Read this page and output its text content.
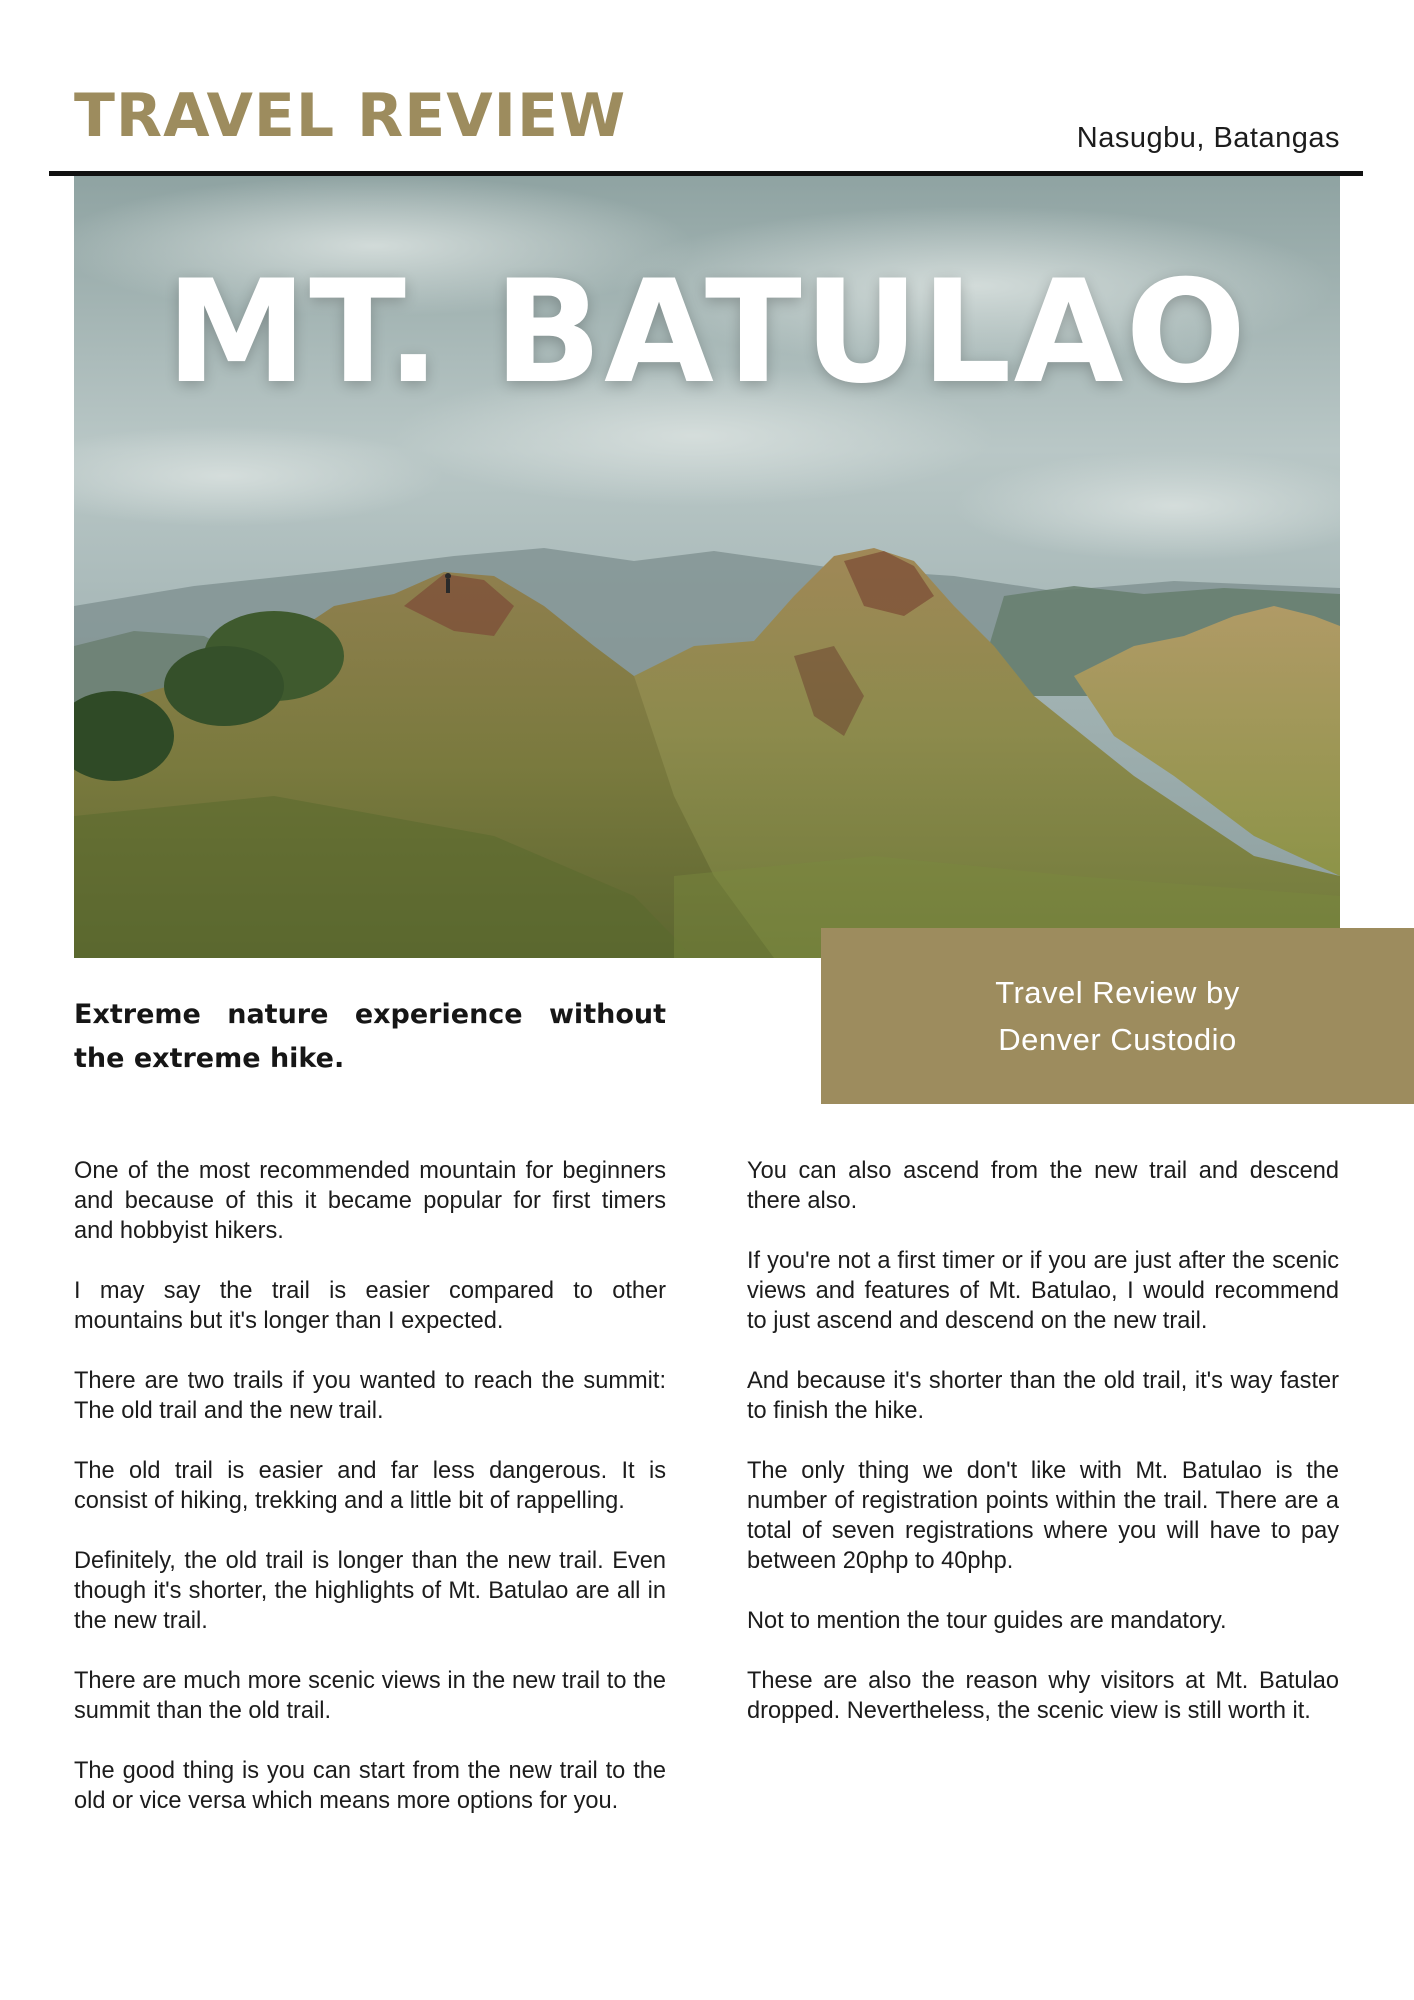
TRAVEL REVIEW	Nasugbu, Batangas
MT. BATULAO
Travel Review by
Denver Custodio
Extreme nature experience without the extreme hike.

One of the most recommended mountain for beginners and because of this it became popular for first timers and hobbyist hikers.

I may say the trail is easier compared to other mountains but it's longer than I expected.

There are two trails if you wanted to reach the summit: The old trail and the new trail.

The old trail is easier and far less dangerous. It is consist of hiking, trekking and a little bit of rappelling.

Definitely, the old trail is longer than the new trail. Even though it's shorter, the highlights of Mt. Batulao are all in the new trail.

There are much more scenic views in the new trail to the summit than the old trail.

The good thing is you can start from the new trail to the old or vice versa which means more options for you.

You can also ascend from the new trail and descend there also.

If you're not a first timer or if you are just after the scenic views and features of Mt. Batulao, I would recommend to just ascend and descend on the new trail.

And because it's shorter than the old trail, it's way faster to finish the hike.

The only thing we don't like with Mt. Batulao is the number of registration points within the trail. There are a total of seven registrations where you will have to pay between 20php to 40php.

Not to mention the tour guides are mandatory.

These are also the reason why visitors at Mt. Batulao dropped. Nevertheless, the scenic view is still worth it.
